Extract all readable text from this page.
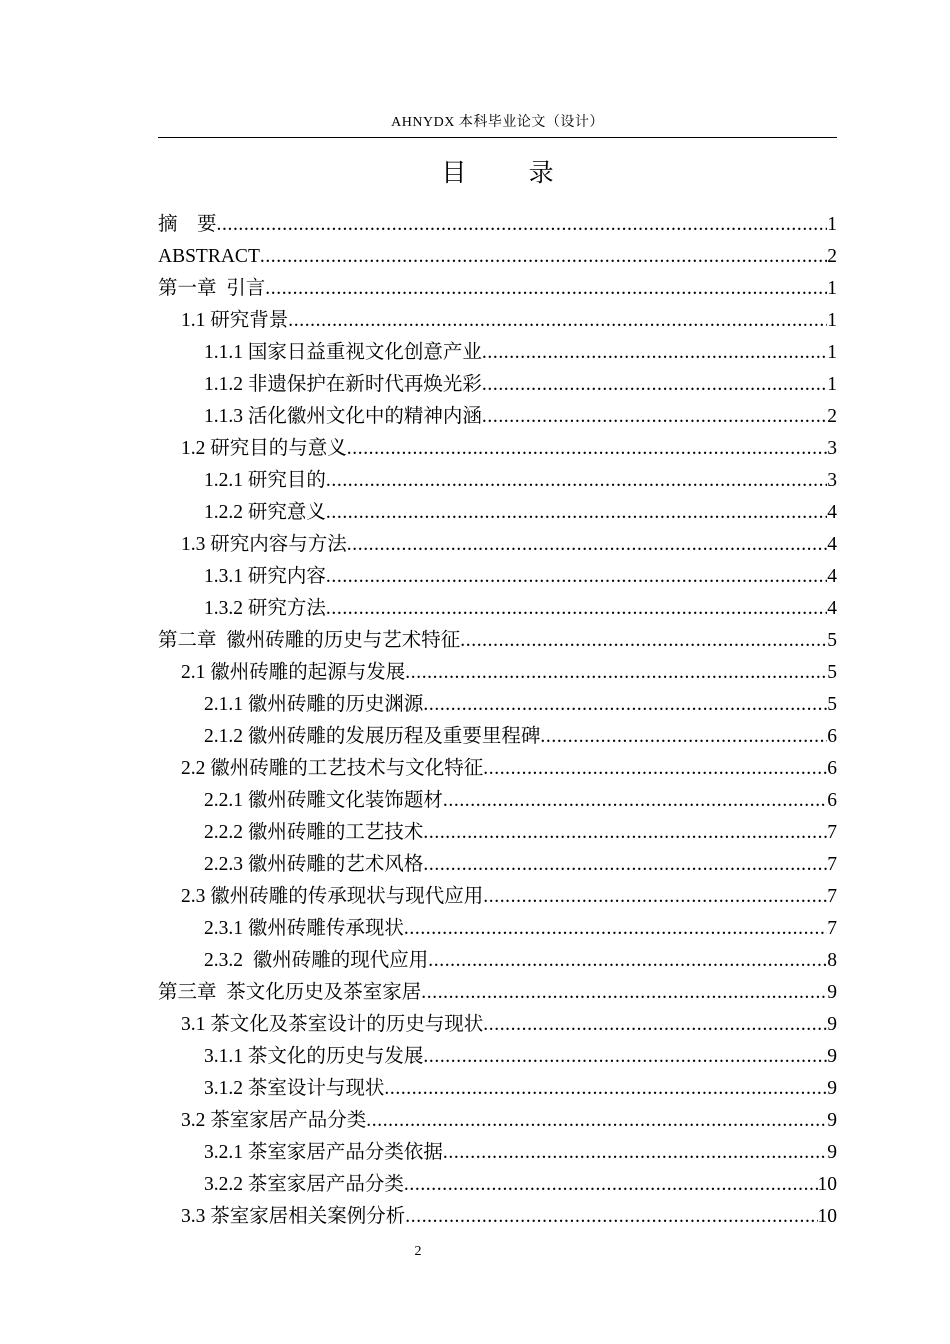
AHNYDX 本科毕业论文（设计）
目 录
摘　要 .....	1
ABSTRACT .....	2
第一章  引言 .....	1
1.1 研究背景 .....	1
1.1.1 国家日益重视文化创意产业 .....	1
1.1.2 非遗保护在新时代再焕光彩 .....	1
1.1.3 活化徽州文化中的精神内涵 .....	2
1.2 研究目的与意义 .....	3
1.2.1 研究目的 .....	3
1.2.2 研究意义 .....	4
1.3 研究内容与方法 .....	4
1.3.1 研究内容 .....	4
1.3.2 研究方法 .....	4
第二章  徽州砖雕的历史与艺术特征 .....	5
2.1 徽州砖雕的起源与发展 .....	5
2.1.1 徽州砖雕的历史渊源 .....	5
2.1.2 徽州砖雕的发展历程及重要里程碑 .....	6
2.2 徽州砖雕的工艺技术与文化特征 .....	6
2.2.1 徽州砖雕文化装饰题材 .....	6
2.2.2 徽州砖雕的工艺技术 .....	7
2.2.3 徽州砖雕的艺术风格 .....	7
2.3 徽州砖雕的传承现状与现代应用 .....	7
2.3.1 徽州砖雕传承现状 .....	7
2.3.2  徽州砖雕的现代应用 .....	8
第三章  茶文化历史及茶室家居 .....	9
3.1 茶文化及茶室设计的历史与现状 .....	9
3.1.1 茶文化的历史与发展 .....	9
3.1.2 茶室设计与现状 .....	9
3.2 茶室家居产品分类 .....	9
3.2.1 茶室家居产品分类依据 .....	9
3.2.2 茶室家居产品分类 .....	10
3.3 茶室家居相关案例分析 .....	10
2
